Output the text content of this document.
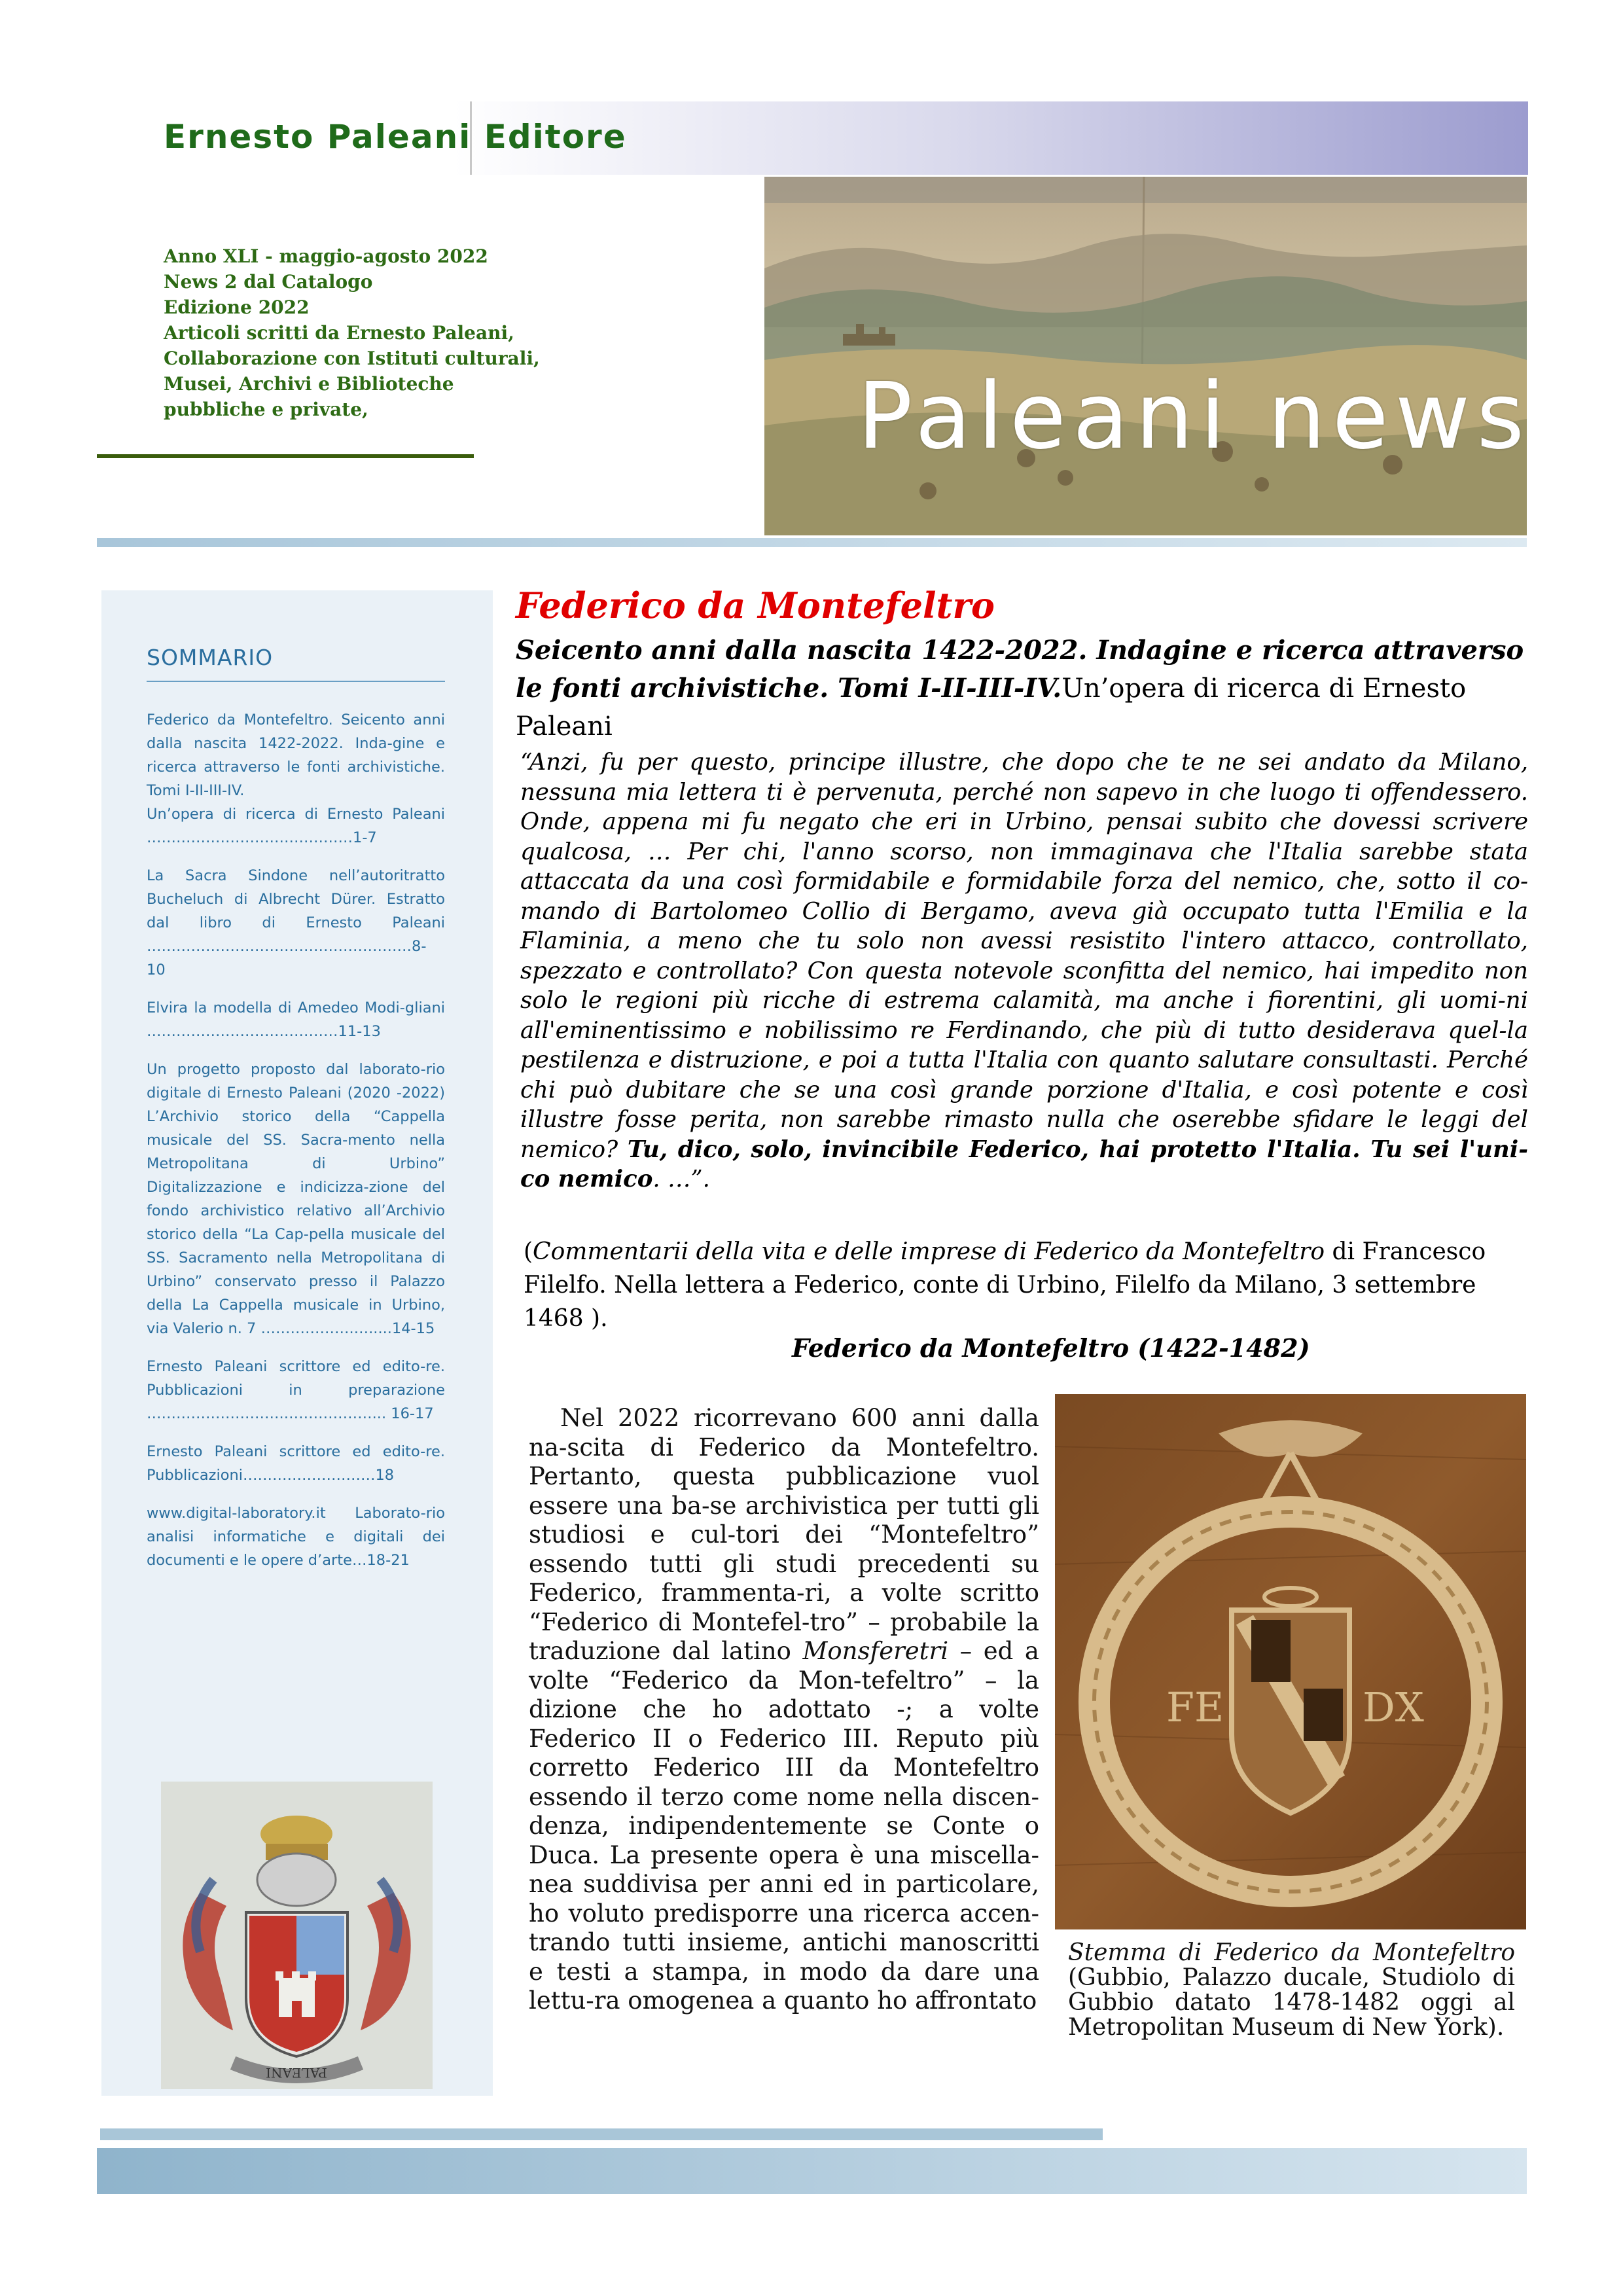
Ernesto Paleani Editore
Anno XLI - maggio-agosto 2022
News 2 dal Catalogo
Edizione 2022
Articoli scritti da Ernesto Paleani,
Collaborazione con Istituti culturali,
Musei, Archivi e Biblioteche
pubbliche e private,	Paleani news
SOMMARIO
Federico da Montefeltro. Seicento anni dalla nascita 1422-2022. Inda-gine e ricerca attraverso le fonti archivistiche. Tomi I-II-III-IV.
Un’opera di ricerca di Ernesto Paleani ……………………………………1-7
La Sacra Sindone nell’autoritratto Bucheluch di Albrecht Dürer. Estratto dal libro di Ernesto Paleani ………………………………………………8-10
Elvira la modella di Amedeo Modi-gliani …………………………………11-13
Un progetto proposto dal laborato-rio digitale di Ernesto Paleani (2020 -2022) L’Archivio storico della “Cappella musicale del SS. Sacra-mento nella Metropolitana di Urbino” Digitalizzazione e indicizza-zione del fondo archivistico relativo all’Archivio storico della “La Cap-pella musicale del SS. Sacramento nella Metropolitana di Urbino” conservato presso il Palazzo della La Cappella musicale in Urbino, via Valerio n. 7 ……………….….....14-15
Ernesto Paleani scrittore ed edito-re. Pubblicazioni in preparazione ……………………….………………... 16-17
Ernesto Paleani scrittore ed edito-re. Pubblicazioni………………………18
www.digital-laboratory.it Laborato-rio analisi informatiche e digitali dei documenti e le opere d’arte…18-21
PALEANI
Federico da Montefeltro
Seicento anni dalla nascita 1422-2022. Indagine e ricerca attraverso le fonti archivistiche. Tomi I-II-III-IV.Un’opera di ricerca di Ernesto Paleani
“Anzi, fu per questo, principe illustre, che dopo che te ne sei andato da Milano, nessuna mia lettera ti è pervenuta, perché non sapevo in che luogo ti offendessero. Onde, appena mi fu negato che eri in Urbino, pensai subito che dovessi scrivere qualcosa, … Per chi, l'anno scorso, non immaginava che l'Italia sarebbe stata attaccata da una così formidabile e formidabile forza del nemico, che, sotto il co-mando di Bartolomeo Collio di Bergamo, aveva già occupato tutta l'Emilia e la Flaminia, a meno che tu solo non avessi resistito l'intero attacco, controllato, spezzato e controllato? Con questa notevole sconfitta del nemico, hai impedito non solo le regioni più ricche di estrema calamità, ma anche i fiorentini, gli uomi-ni all'eminentissimo e nobilissimo re Ferdinando, che più di tutto desiderava quel-la pestilenza e distruzione, e poi a tutta l'Italia con quanto salutare consultasti. Perché chi può dubitare che se una così grande porzione d'Italia, e così potente e così illustre fosse perita, non sarebbe rimasto nulla che oserebbe sfidare le leggi del nemico? Tu, dico, solo, invincibile Federico, hai protetto l'Italia. Tu sei l'uni-co nemico. …”.
(Commentarii della vita e delle imprese di Federico da Montefeltro di Francesco Filelfo. Nella lettera a Federico, conte di Urbino, Filelfo da Milano, 3 settembre 1468 ).
Federico da Montefeltro (1422-1482)

Nel 2022 ricorrevano 600 anni dalla na-scita di Federico da Montefeltro. Pertanto, questa pubblicazione vuol essere una ba-se archivistica per tutti gli studiosi e cul-tori dei “Montefeltro” essendo tutti gli studi precedenti su Federico, frammenta-ri, a volte scritto “Federico di Montefel-tro” – probabile la traduzione dal latino Monsferetri – ed a volte “Federico da Mon-tefeltro” – la dizione che ho adottato -; a volte Federico II o Federico III. Reputo più corretto Federico III da Montefeltro essendo il terzo come nome nella discen-denza, indipendentemente se Conte o Duca. La presente opera è una miscella-nea suddivisa per anni ed in particolare, ho voluto predisporre una ricerca accen-trando tutti insieme, antichi manoscritti e testi a stampa, in modo da dare una lettu-ra omogenea a quanto ho affrontato

FE	DX
Stemma di Federico da Montefeltro (Gubbio, Palazzo ducale, Studiolo di Gubbio datato 1478-1482 oggi al Metropolitan Museum di New York).
